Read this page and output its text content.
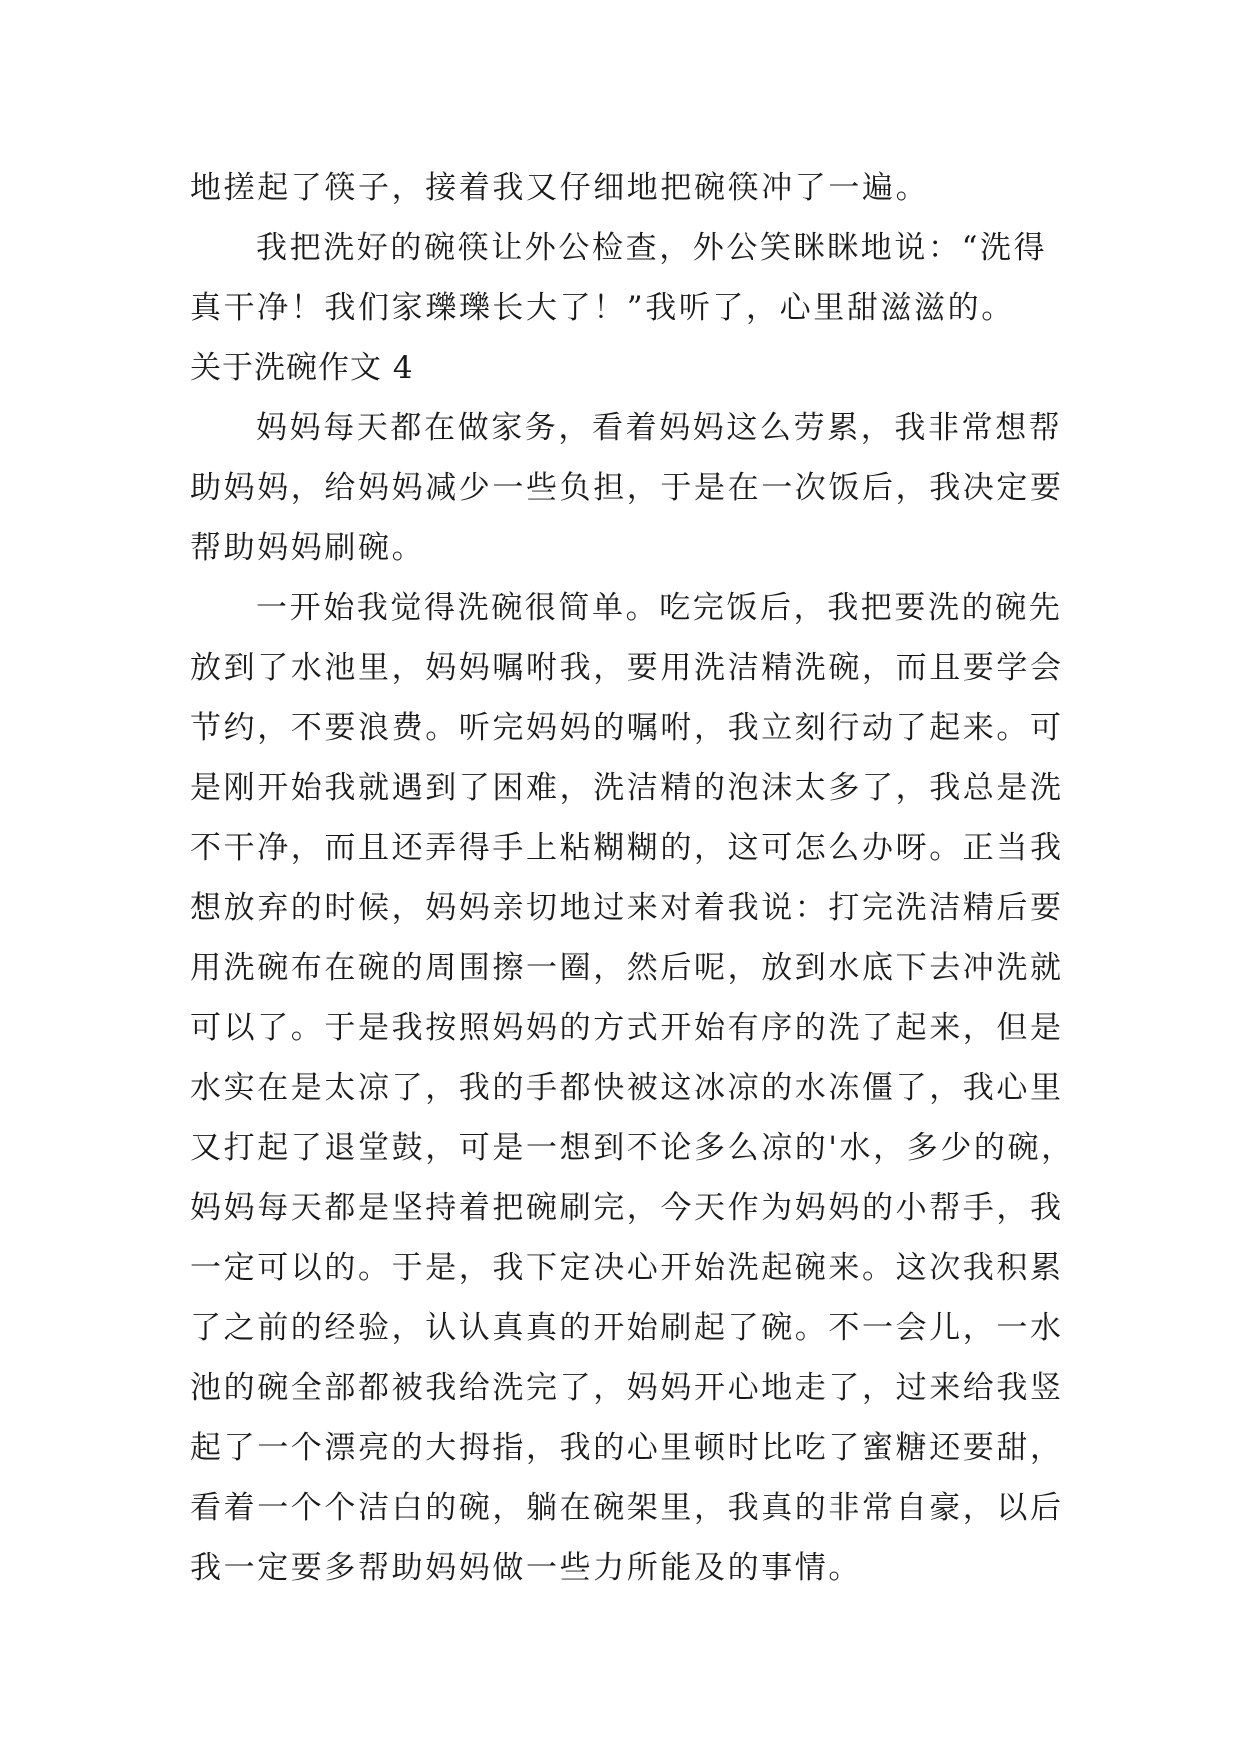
地搓起了筷子，接着我又仔细地把碗筷冲了一遍。
我把洗好的碗筷让外公检查，外公笑眯眯地说：“洗得
真干净！我们家瓅瓅长大了！”我听了，心里甜滋滋的。
关于洗碗作文 4
妈妈每天都在做家务，看着妈妈这么劳累，我非常想帮
助妈妈，给妈妈减少一些负担，于是在一次饭后，我决定要
帮助妈妈刷碗。
一开始我觉得洗碗很简单。吃完饭后，我把要洗的碗先
放到了水池里，妈妈嘱咐我，要用洗洁精洗碗，而且要学会
节约，不要浪费。听完妈妈的嘱咐，我立刻行动了起来。可
是刚开始我就遇到了困难，洗洁精的泡沫太多了，我总是洗
不干净，而且还弄得手上粘糊糊的，这可怎么办呀。正当我
想放弃的时候，妈妈亲切地过来对着我说：打完洗洁精后要
用洗碗布在碗的周围擦一圈，然后呢，放到水底下去冲洗就
可以了。于是我按照妈妈的方式开始有序的洗了起来，但是
水实在是太凉了，我的手都快被这冰凉的水冻僵了，我心里
又打起了退堂鼓，可是一想到不论多么凉的'水，多少的碗，
妈妈每天都是坚持着把碗刷完，今天作为妈妈的小帮手，我
一定可以的。于是，我下定决心开始洗起碗来。这次我积累
了之前的经验，认认真真的开始刷起了碗。不一会儿，一水
池的碗全部都被我给洗完了，妈妈开心地走了，过来给我竖
起了一个漂亮的大拇指，我的心里顿时比吃了蜜糖还要甜，
看着一个个洁白的碗，躺在碗架里，我真的非常自豪，以后
我一定要多帮助妈妈做一些力所能及的事情。
